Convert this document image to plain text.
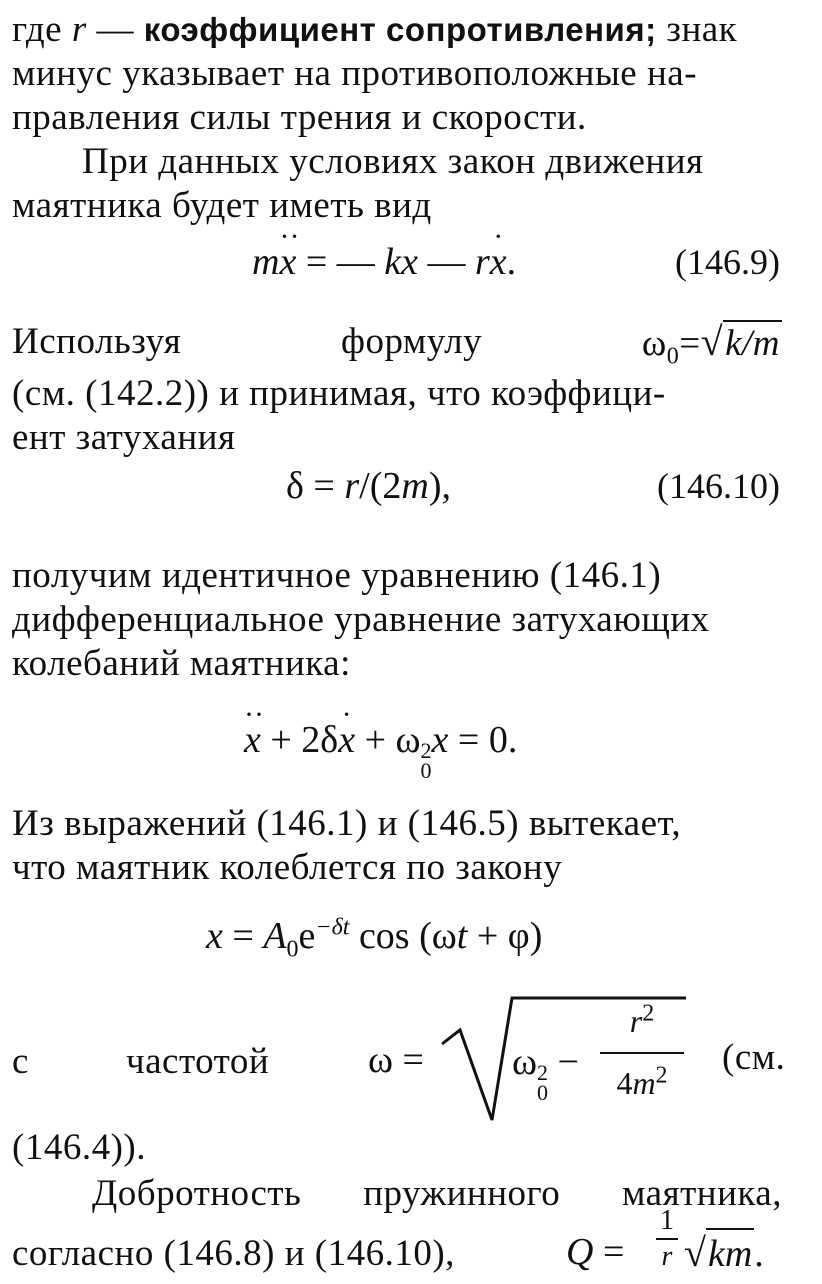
где r — коэффициент сопротивления; знак
минус указывает на противоположные на-
правления силы трения и скорости.
При данных условиях закон движения
маятника будет иметь вид
m·· x = — kx — r· x.	(146.9)
Используя	формулу	$\omega_0=√k/m$
(см. (142.2)) и принимая, что коэффици-
ент затухания
δ = r/(2m),	(146.10)
получим идентичное уравнению (146.1)
дифференциальное уравнение затухающих
колебаний маятника:
·· x + 2δ· x + ω 2
0
x = 0.
Из выражений (146.1) и (146.5) вытекает,
что маятник колеблется по закону
$x = A_0e^{-\delta t}$ cos (ωt + φ)
с	частотой	ω = ω 2
0
−
$r^2$
$4m^2$	(см.
(146.4)).
Добротность пружинного маятника,
согласно (146.8) и (146.10),	Q =
1
r √km.
